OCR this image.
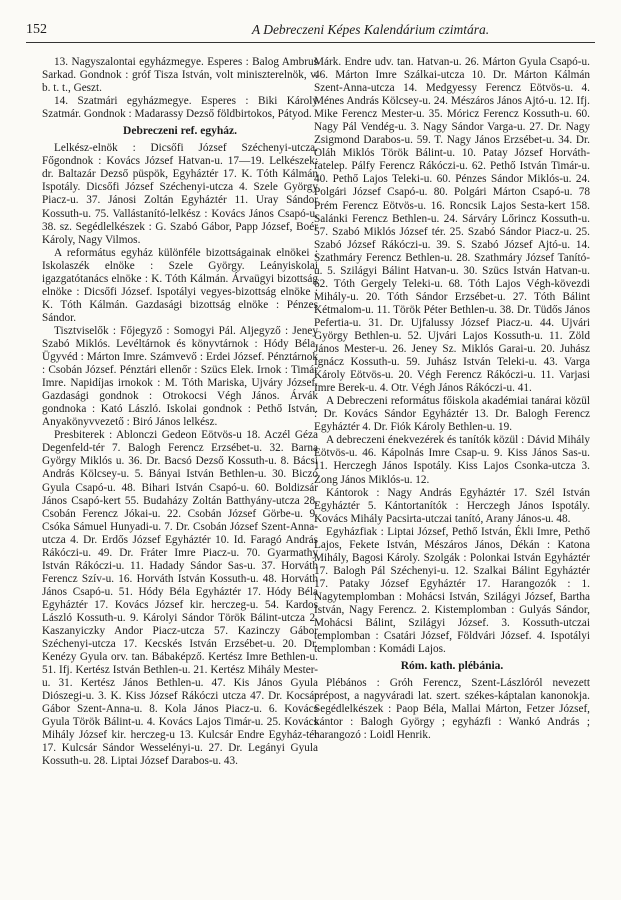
152	A Debreczeni Képes Kalendárium czimtára.

13. Nagyszalontai egyházmegye. Esperes : Balog Ambrus Sarkad. Gondnok : gróf Tisza István, volt miniszterelnök, v. b. t. t., Geszt.

14. Szatmári egyházmegye. Esperes : Biki Károly Szatmár. Gondnok : Madarassy Dezső földbirtokos, Pátyod.

Debreczeni ref. egyház.

Lelkész-elnök : Dicsőfi József Széchenyi-utcza. Főgondnok : Kovács József Hatvan-u. 17—19. Lelkészek: dr. Baltazár Dezső püspök, Egyháztér 17. K. Tóth Kálmán Ispotály. Dicsőfi József Széchenyi-utcza 4. Szele György Piacz-u. 37. Jánosi Zoltán Egyháztér 11. Uray Sándor Kossuth-u. 75. Vallástanító-lelkész : Kovács János Csapó-u. 38. sz. Segédlelkészek : G. Szabó Gábor, Papp József, Boér Károly, Nagy Vilmos.

A református egyház különféle bizottságainak elnökei : Iskolaszék elnöke : Szele György. Leányiskolai igazgatótanács elnöke : K. Tóth Kálmán. Árvaügyi bizottság elnöke : Dicsőfi József. Ispotályi vegyes-bizottság elnöke : K. Tóth Kálmán. Gazdasági bizottság elnöke : Pénzes Sándor.

Tisztviselők : Főjegyző : Somogyi Pál. Aljegyző : Jeney Szabó Miklós. Levéltárnok és könyvtárnok : Hódy Béla. Ügyvéd : Márton Imre. Számvevő : Erdei József. Pénztárnok : Csobán József. Pénztári ellenőr : Szücs Elek. Irnok : Timár Imre. Napidíjas irnokok : M. Tóth Mariska, Ujváry József. Gazdasági gondnok : Otrokocsi Végh János. Árvák gondnoka : Kató László. Iskolai gondnok : Pethő István. Anyakönyvvezető : Biró János lelkész.

Presbiterek : Ablonczi Gedeon Eötvös-u 18. Aczél Géza Degenfeld-tér 7. Balogh Ferencz Erzsébet-u. 32. Barna György Miklós u. 36. Dr. Bacsó Dezső Kossuth-u. 8. Bácsi András Kölcsey-u. 5. Bányai István Bethlen-u. 30. Biczó Gyula Csapó-u. 48. Bihari István Csapó-u. 60. Boldizsár János Csapó-kert 55. Budaházy Zoltán Batthyány-utcza 28. Csobán Ferencz Jókai-u. 22. Csobán József Görbe-u. 9. Csóka Sámuel Hunyadi-u. 7. Dr. Csobán József Szent-Anna-utcza 4. Dr. Erdős József Egyháztér 10. Id. Faragó András Rákóczi-u. 49. Dr. Fráter Imre Piacz-u. 70. Gyarmathy István Rákóczi-u. 11. Hadady Sándor Sas-u. 37. Horváth Ferencz Szív-u. 16. Horváth István Kossuth-u. 48. Horváth János Csapó-u. 51. Hódy Béla Egyháztér 17. Hódy Béla Egyháztér 17. Kovács József kir. herczeg-u. 54. Kardos László Kossuth-u. 9. Károlyi Sándor Török Bálint-utcza 2. Kaszanyiczky Andor Piacz-utcza 57. Kazinczy Gábor Széchenyi-utcza 17. Kecskés István Erzsébet-u. 20. Dr. Kenézy Gyula orv. tan. Bábaképző. Kertész Imre Bethlen-u. 51. Ifj. Kertész István Bethlen-u. 21. Kertész Mihály Mester-u. 31. Kertész János Bethlen-u. 47. Kis János Gyula Diószegi-u. 3. K. Kiss József Rákóczi utcza 47. Dr. Kocsár Gábor Szent-Anna-u. 8. Kola János Piacz-u. 6. Kovács Gyula Török Bálint-u. 4. Kovács Lajos Timár-u. 25. Kovács Mihály József kir. herczeg-u 13. Kulcsár Endre Egyház-tér 17. Kulcsár Sándor Wesselényi-u. 27. Dr. Legányi Gyula Kossuth-u. 28. Liptai József Darabos-u. 43.

Márk. Endre udv. tan. Hatvan-u. 26. Márton Gyula Csapó-u. 46. Márton Imre Szálkai-utcza 10. Dr. Márton Kálmán Szent-Anna-utcza 14. Medgyessy Ferencz Eötvös-u. 4. Ménes András Kölcsey-u. 24. Mészáros János Ajtó-u. 12. Ifj. Mike Ferencz Mester-u. 35. Móricz Ferencz Kossuth-u. 60. Nagy Pál Vendég-u. 3. Nagy Sándor Varga-u. 27. Dr. Nagy Zsigmond Darabos-u. 59. T. Nagy János Erzsébet-u. 34. Dr. Oláh Miklós Török Bálint-u. 10. Patay József Horváth-fatelep. Pálfy Ferencz Rákóczi-u. 62. Pethő István Timár-u. 40. Pethő Lajos Teleki-u. 60. Pénzes Sándor Miklós-u. 24. Polgári József Csapó-u. 80. Polgári Márton Csapó-u. 78 Prém Ferencz Eötvös-u. 16. Roncsik Lajos Sesta-kert 158. Salánki Ferencz Bethlen-u. 24. Sárváry Lőrincz Kossuth-u. 57. Szabó Miklós József tér. 25. Szabó Sándor Piacz-u. 25. Szabó József Rákóczi-u. 39. S. Szabó József Ajtó-u. 14. Szathmáry Ferencz Bethlen-u. 28. Szathmáry József Tanító-u. 5. Szilágyi Bálint Hatvan-u. 30. Szücs István Hatvan-u. 62. Tóth Gergely Teleki-u. 68. Tóth Lajos Végh-kövezdi Mihály-u. 20. Tóth Sándor Erzsébet-u. 27. Tóth Bálint Kétmalom-u. 11. Török Péter Bethlen-u. 38. Dr. Tüdős János Pefertia-u. 31. Dr. Ujfalussy József Piacz-u. 44. Ujvári György Bethlen-u. 52. Ujvári Lajos Kossuth-u. 11. Zöld János Mester-u. 26. Jeney Sz. Miklós Garai-u. 20. Juhász Ignácz Kossuth-u. 59. Juhász István Teleki-u. 43. Varga Károly Eötvös-u. 20. Végh Ferencz Rákóczi-u. 11. Varjasi Imre Berek-u. 4. Otr. Végh János Rákóczi-u. 41.

A Debreczeni református főiskola akadémiai tanárai közül : Dr. Kovács Sándor Egyháztér 13. Dr. Balogh Ferencz Egyháztér 4. Dr. Fiók Károly Bethlen-u. 19.

A debreczeni énekvezérek és tanítók közül : Dávid Mihály Eötvös-u. 46. Kápolnás Imre Csap-u. 9. Kiss János Sas-u. 11. Herczegh János Ispotály. Kiss Lajos Csonka-utcza 3. Zong János Miklós-u. 12.

Kántorok : Nagy András Egyháztér 17. Szél István Egyháztér 5. Kántortanítók : Herczegh János Ispotály. Kovács Mihály Pacsirta-utczai tanító, Arany János-u. 48.

Egyházfiak : Liptai József, Pethő István, Ékli Imre, Pethő Lajos, Fekete István, Mészáros János, Dékán : Katona Mihály, Bagosi Károly. Szolgák : Polonkai István Egyháztér 17. Balogh Pál Széchenyi-u. 12. Szalkai Bálint Egyháztér 17. Pataky József Egyháztér 17. Harangozók : 1. Nagytemplomban : Mohácsi István, Szilágyi József, Bartha István, Nagy Ferencz. 2. Kistemplomban : Gulyás Sándor, Mohácsi Bálint, Szilágyi József. 3. Kossuth-utczai templomban : Csatári József, Földvári József. 4. Ispotályi templomban : Komádi Lajos.

Róm. kath. plébánia.

Plébános : Gróh Ferencz, Szent-Lászlóról nevezett prépost, a nagyváradi lat. szert. székes-káptalan kanonokja. Segédlelkészek : Paop Béla, Mallai Márton, Fetzer József, kántor : Balogh György ; egyházfi : Wankó András ; harangozó : Loidl Henrik.
